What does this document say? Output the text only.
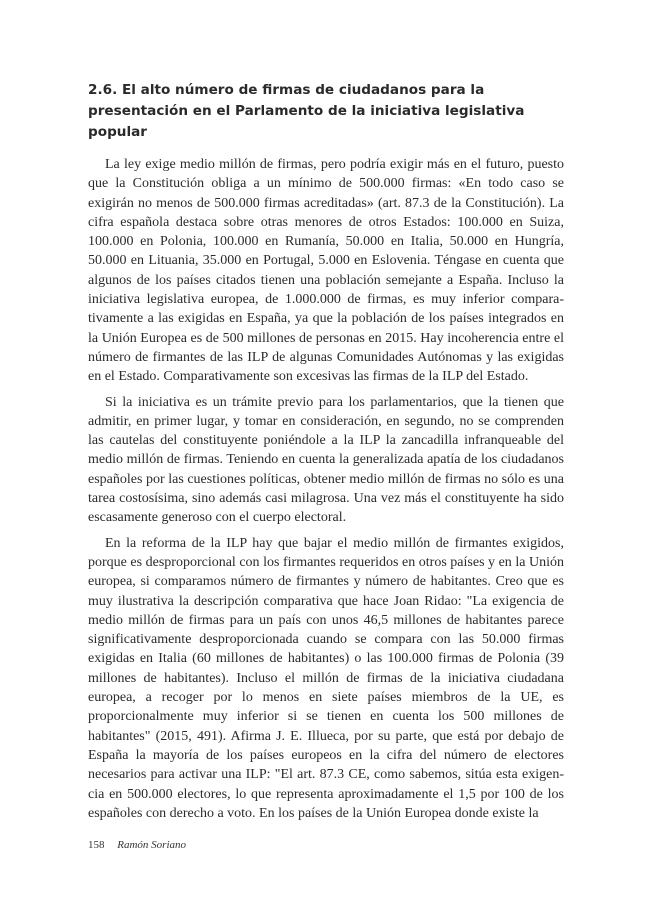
2.6. El alto número de firmas de ciudadanos para la presentación en el Parlamento de la iniciativa legislativa popular

La ley exige medio millón de firmas, pero podría exigir más en el futuro, puesto que la Constitución obliga a un mínimo de 500.000 firmas: «En todo caso se exigirán no menos de 500.000 firmas acreditadas» (art. 87.3 de la Constitución). La cifra española destaca sobre otras menores de otros Estados: 100.000 en Suiza, 100.000 en Polonia, 100.000 en Rumanía, 50.000 en Italia, 50.000 en Hungría, 50.000 en Lituania, 35.000 en Portugal, 5.000 en Eslovenia. Téngase en cuenta que algunos de los países citados tienen una población semejante a España. Incluso la iniciativa legislativa europea, de 1.000.000 de firmas, es muy inferior comparativamente a las exigidas en España, ya que la población de los países integrados en la Unión Europea es de 500 millones de personas en 2015. Hay incoherencia entre el número de firmantes de las ILP de algunas Comunidades Autónomas y las exigidas en el Estado. Comparativamente son excesivas las firmas de la ILP del Estado.

Si la iniciativa es un trámite previo para los parlamentarios, que la tienen que admitir, en primer lugar, y tomar en consideración, en segundo, no se comprenden las cautelas del constituyente poniéndole a la ILP la zancadilla infranqueable del medio millón de firmas. Teniendo en cuenta la generalizada apatía de los ciudadanos españoles por las cuestiones políticas, obtener medio millón de firmas no sólo es una tarea costosísima, sino además casi milagrosa. Una vez más el constituyente ha sido escasamente generoso con el cuerpo electoral.

En la reforma de la ILP hay que bajar el medio millón de firmantes exigidos, porque es desproporcional con los firmantes requeridos en otros países y en la Unión europea, si comparamos número de firmantes y número de habitantes. Creo que es muy ilustrativa la descripción comparativa que hace Joan Ridao: "La exigencia de medio millón de firmas para un país con unos 46,5 millones de habitantes parece significativamente desproporcionada cuando se compara con las 50.000 firmas exigidas en Italia (60 millones de habitantes) o las 100.000 firmas de Polonia (39 millones de habitantes). Incluso el millón de firmas de la iniciativa ciudadana europea, a recoger por lo menos en siete países miembros de la UE, es proporcionalmente muy inferior si se tienen en cuenta los 500 millones de habitantes" (2015, 491). Afirma J. E. Illueca, por su parte, que está por debajo de España la mayoría de los países europeos en la cifra del número de electores necesarios para activar una ILP: "El art. 87.3 CE, como sabemos, sitúa esta exigencia en 500.000 electores, lo que representa aproximadamente el 1,5 por 100 de los españoles con derecho a voto. En los países de la Unión Europea donde existe la

158 Ramón Soriano
